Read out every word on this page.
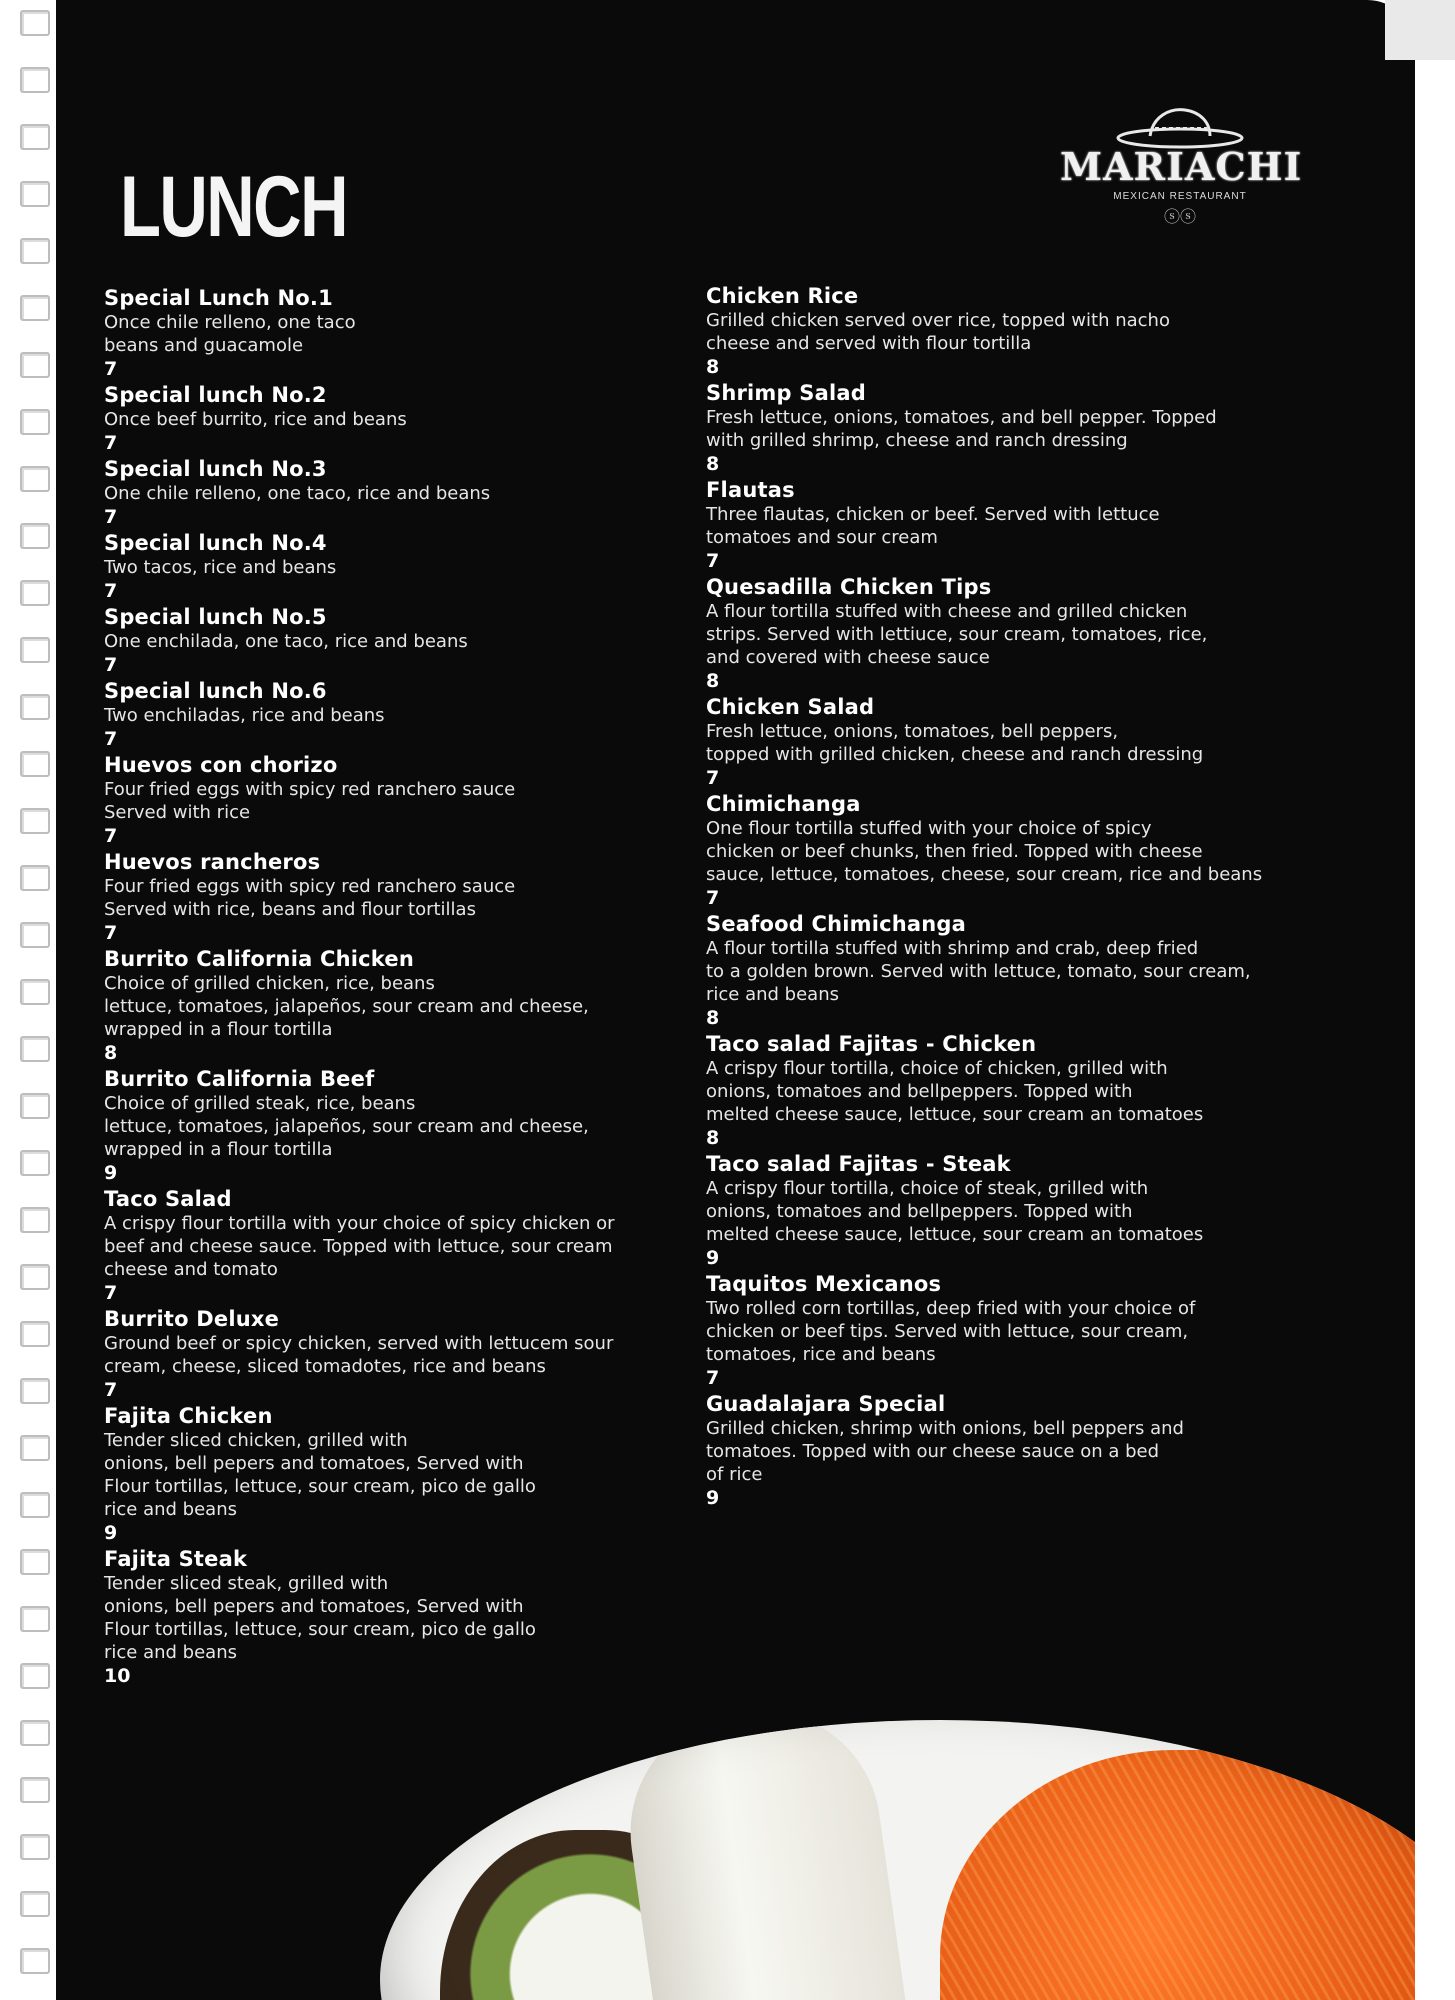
LUNCH	MARIACHI
MEXICAN RESTAURANT
ⓢⓢ
Special Lunch No.1
Once chile relleno, one taco
beans and guacamole
7
Special lunch No.2
Once beef burrito, rice and beans
7
Special lunch No.3
One chile relleno, one taco, rice and beans
7
Special lunch No.4
Two tacos, rice and beans
7
Special lunch No.5
One enchilada, one taco, rice and beans
7
Special lunch No.6
Two enchiladas, rice and beans
7
Huevos con chorizo
Four fried eggs with spicy red ranchero sauce
Served with rice
7
Huevos rancheros
Four fried eggs with spicy red ranchero sauce
Served with rice, beans and flour tortillas
7
Burrito California Chicken
Choice of grilled chicken, rice, beans
lettuce, tomatoes, jalapeños, sour cream and cheese,
wrapped in a flour tortilla
8
Burrito California Beef
Choice of grilled steak, rice, beans
lettuce, tomatoes, jalapeños, sour cream and cheese,
wrapped in a flour tortilla
9
Taco Salad
A crispy flour tortilla with your choice of spicy chicken or
beef and cheese sauce. Topped with lettuce, sour cream
cheese and tomato
7
Burrito Deluxe
Ground beef or spicy chicken, served with lettucem sour
cream, cheese, sliced tomadotes, rice and beans
7
Fajita Chicken
Tender sliced chicken, grilled with
onions, bell pepers and tomatoes, Served with
Flour tortillas, lettuce, sour cream, pico de gallo
rice and beans
9
Fajita Steak
Tender sliced steak, grilled with
onions, bell pepers and tomatoes, Served with
Flour tortillas, lettuce, sour cream, pico de gallo
rice and beans
10
Chicken Rice
Grilled chicken served over rice, topped with nacho
cheese and served with flour tortilla
8
Shrimp Salad
Fresh lettuce, onions, tomatoes, and bell pepper. Topped
with grilled shrimp, cheese and ranch dressing
8
Flautas
Three flautas, chicken or beef. Served with lettuce
tomatoes and sour cream
7
Quesadilla Chicken Tips
A flour tortilla stuffed with cheese and grilled chicken
strips. Served with lettiuce, sour cream, tomatoes, rice,
and covered with cheese sauce
8
Chicken Salad
Fresh lettuce, onions, tomatoes, bell peppers,
topped with grilled chicken, cheese and ranch dressing
7
Chimichanga
One flour tortilla stuffed with your choice of spicy
chicken or beef chunks, then fried. Topped with cheese
sauce, lettuce, tomatoes, cheese, sour cream, rice and beans
7
Seafood Chimichanga
A flour tortilla stuffed with shrimp and crab, deep fried
to a golden brown. Served with lettuce, tomato, sour cream,
rice and beans
8
Taco salad Fajitas - Chicken
A crispy flour tortilla, choice of chicken, grilled with
onions, tomatoes and bellpeppers. Topped with
melted cheese sauce, lettuce, sour cream an tomatoes
8
Taco salad Fajitas - Steak
A crispy flour tortilla, choice of steak, grilled with
onions, tomatoes and bellpeppers. Topped with
melted cheese sauce, lettuce, sour cream an tomatoes
9
Taquitos Mexicanos
Two rolled corn tortillas, deep fried with your choice of
chicken or beef tips. Served with lettuce, sour cream,
tomatoes, rice and beans
7
Guadalajara Special
Grilled chicken, shrimp with onions, bell peppers and
tomatoes. Topped with our cheese sauce on a bed
of rice
9
